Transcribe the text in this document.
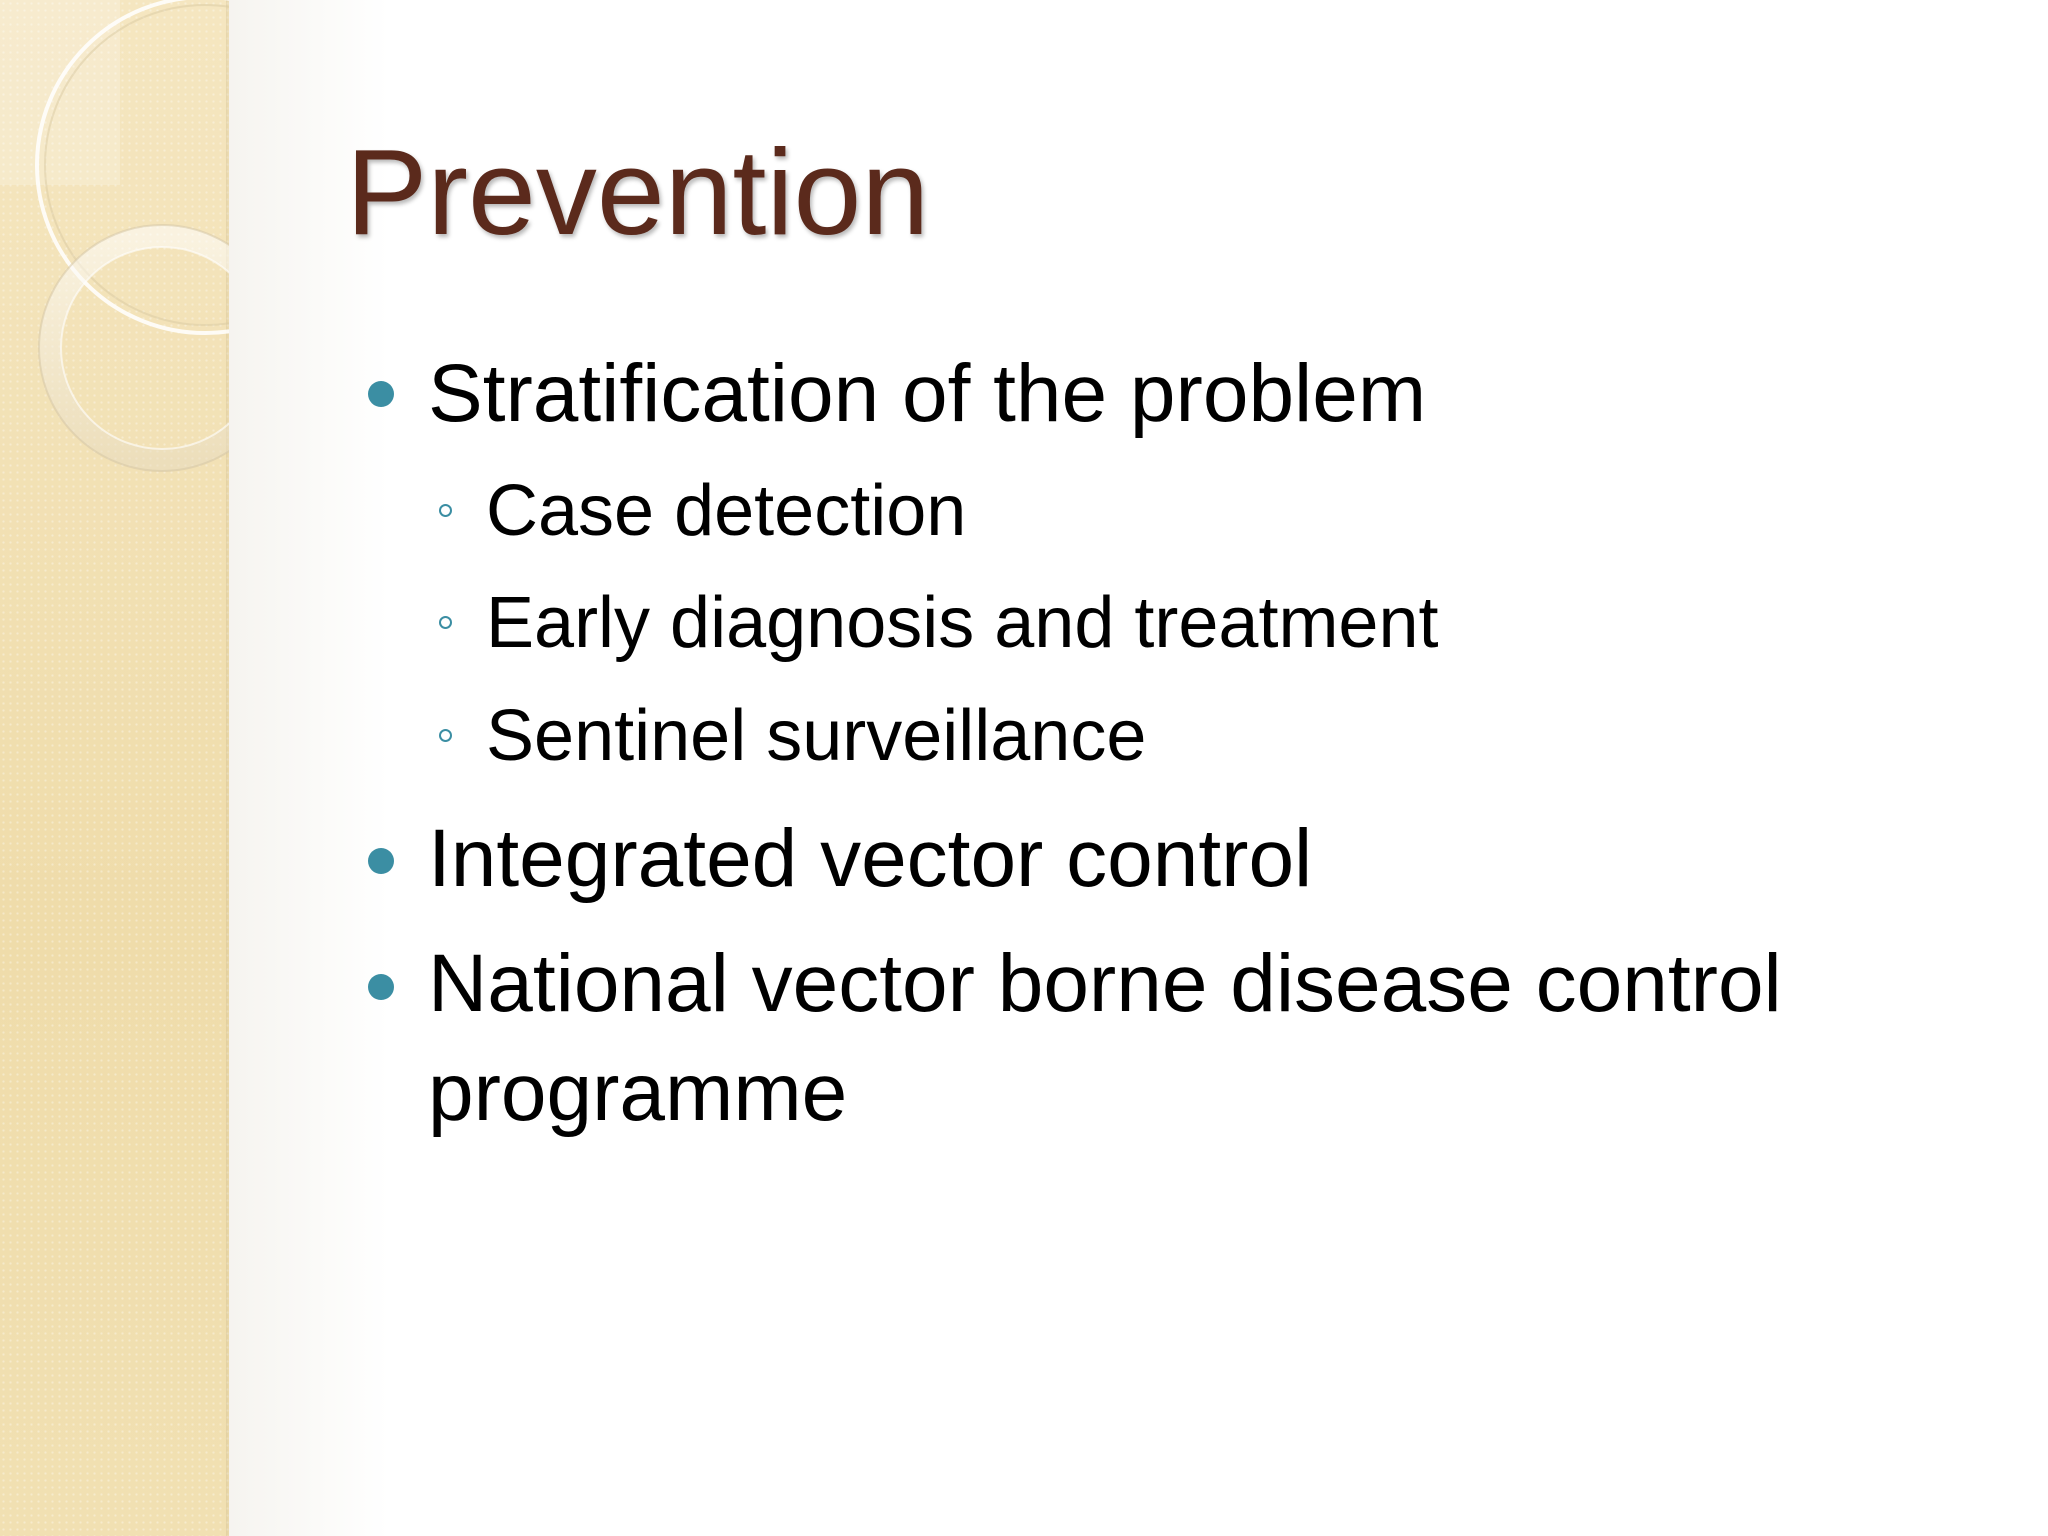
Prevention
Stratification of the problem
Case detection
Early diagnosis and treatment
Sentinel surveillance
Integrated vector control
National vector borne disease control
programme
